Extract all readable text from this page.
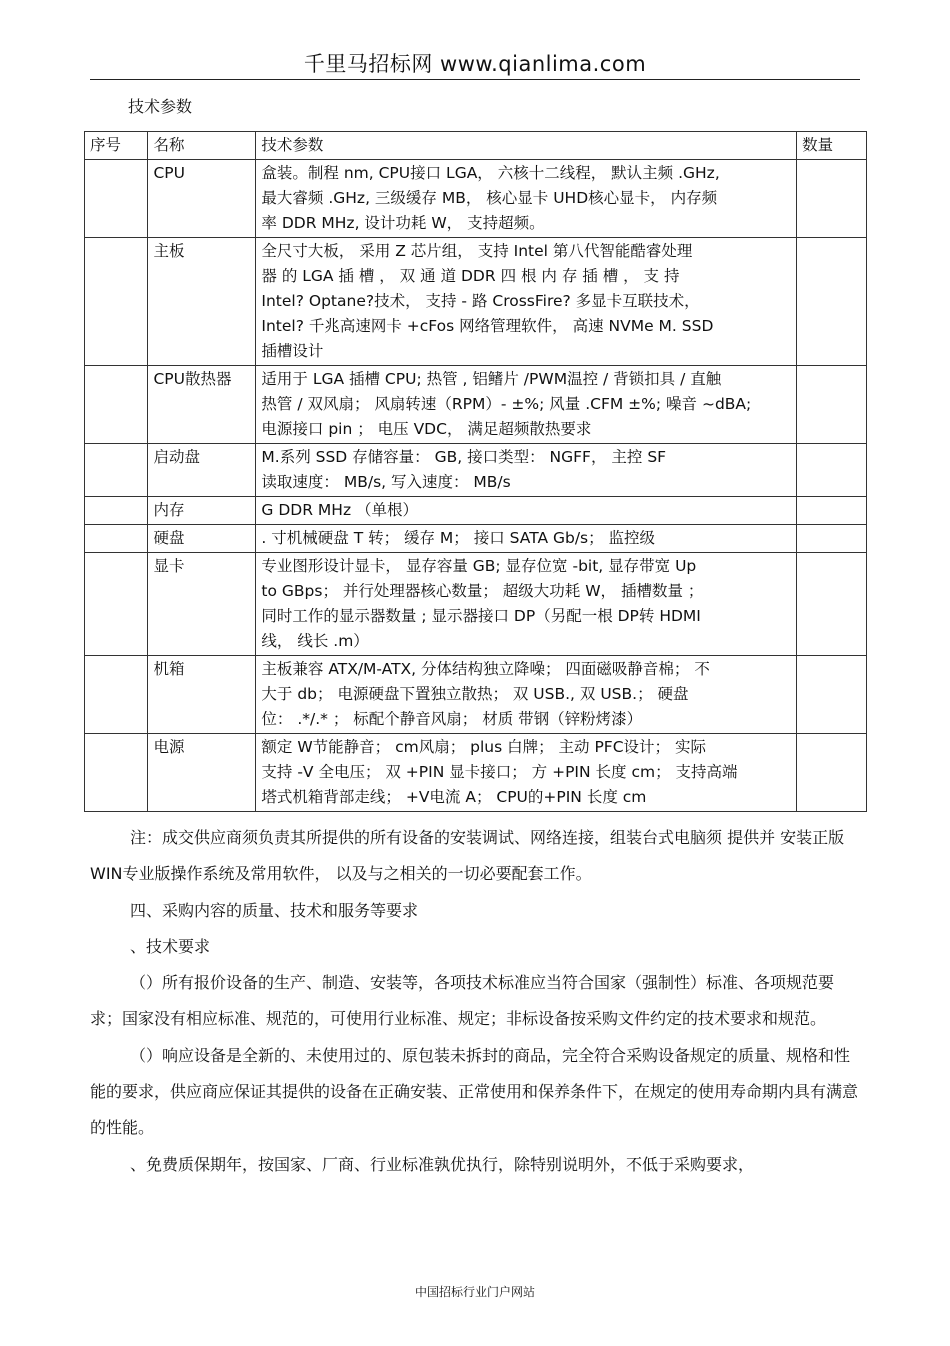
千里马招标网 www.qianlima.com
技术参数
序号	名称	技术参数	数量
	CPU	盒装。制程 nm, CPU接口 LGA， 六核十二线程， 默认主频 .GHz,
最大睿频 .GHz, 三级缓存 MB， 核心显卡 UHD核心显卡， 内存频
率 DDR MHz, 设计功耗 W， 支持超频。	
	主板	全尺寸大板， 采用 Z 芯片组， 支持 Intel 第八代智能酷睿处理
器 的 LGA 插 槽 ， 双 通 道 DDR 四 根 内 存 插 槽 ， 支 持
Intel? Optane?技术， 支持 - 路 CrossFire? 多显卡互联技术，
Intel? 千兆高速网卡 +cFos 网络管理软件， 高速 NVMe M. SSD
插槽设计	
	CPU散热器	适用于 LGA 插槽 CPU; 热管 , 铝鳍片 /PWM温控 / 背锁扣具 / 直触
热管 / 双风扇； 风扇转速（RPM）- ±%; 风量 .CFM ±%; 噪音 ~dBA;
电源接口 pin ； 电压 VDC， 满足超频散热要求	
	启动盘	M.系列 SSD 存储容量： GB, 接口类型： NGFF， 主控 SF
读取速度： MB/s, 写入速度： MB/s	
	内存	G DDR MHz （单根）	
	硬盘	. 寸机械硬盘 T 转； 缓存 M； 接口 SATA Gb/s； 监控级	
	显卡	专业图形设计显卡， 显存容量 GB; 显存位宽 -bit, 显存带宽 Up
to GBps； 并行处理器核心数量； 超级大功耗 W， 插槽数量 ；
同时工作的显示器数量 ; 显示器接口 DP（另配一根 DP转 HDMI
线， 线长 .m）	
	机箱	主板兼容 ATX/M-ATX, 分体结构独立降噪； 四面磁吸静音棉； 不
大于 db； 电源硬盘下置独立散热； 双 USB., 双 USB.； 硬盘
位： .*/.* ； 标配个静音风扇； 材质 带钢（锌粉烤漆）	
	电源	额定 W节能静音； cm风扇； plus 白牌； 主动 PFC设计； 实际
支持 -V 全电压； 双 +PIN 显卡接口； 方 +PIN 长度 cm； 支持高端
塔式机箱背部走线； +V电流 A； CPU的+PIN 长度 cm	

注：成交供应商须负责其所提供的所有设备的安装调试、网络连接，组装台式电脑须 提供并 安装正版 WIN专业版操作系统及常用软件， 以及与之相关的一切必要配套工作。

四、采购内容的质量、技术和服务等要求

、技术要求

（）所有报价设备的生产、制造、安装等，各项技术标准应当符合国家（强制性）标准、各项规范要求；国家没有相应标准、规范的，可使用行业标准、规定；非标设备按采购文件约定的技术要求和规范。

（）响应设备是全新的、未使用过的、原包装未拆封的商品，完全符合采购设备规定的质量、规格和性能的要求，供应商应保证其提供的设备在正确安装、正常使用和保养条件下，在规定的使用寿命期内具有满意的性能。

、免费质保期年，按国家、厂商、行业标准孰优执行，除特别说明外，不低于采购要求，

中国招标行业门户网站
